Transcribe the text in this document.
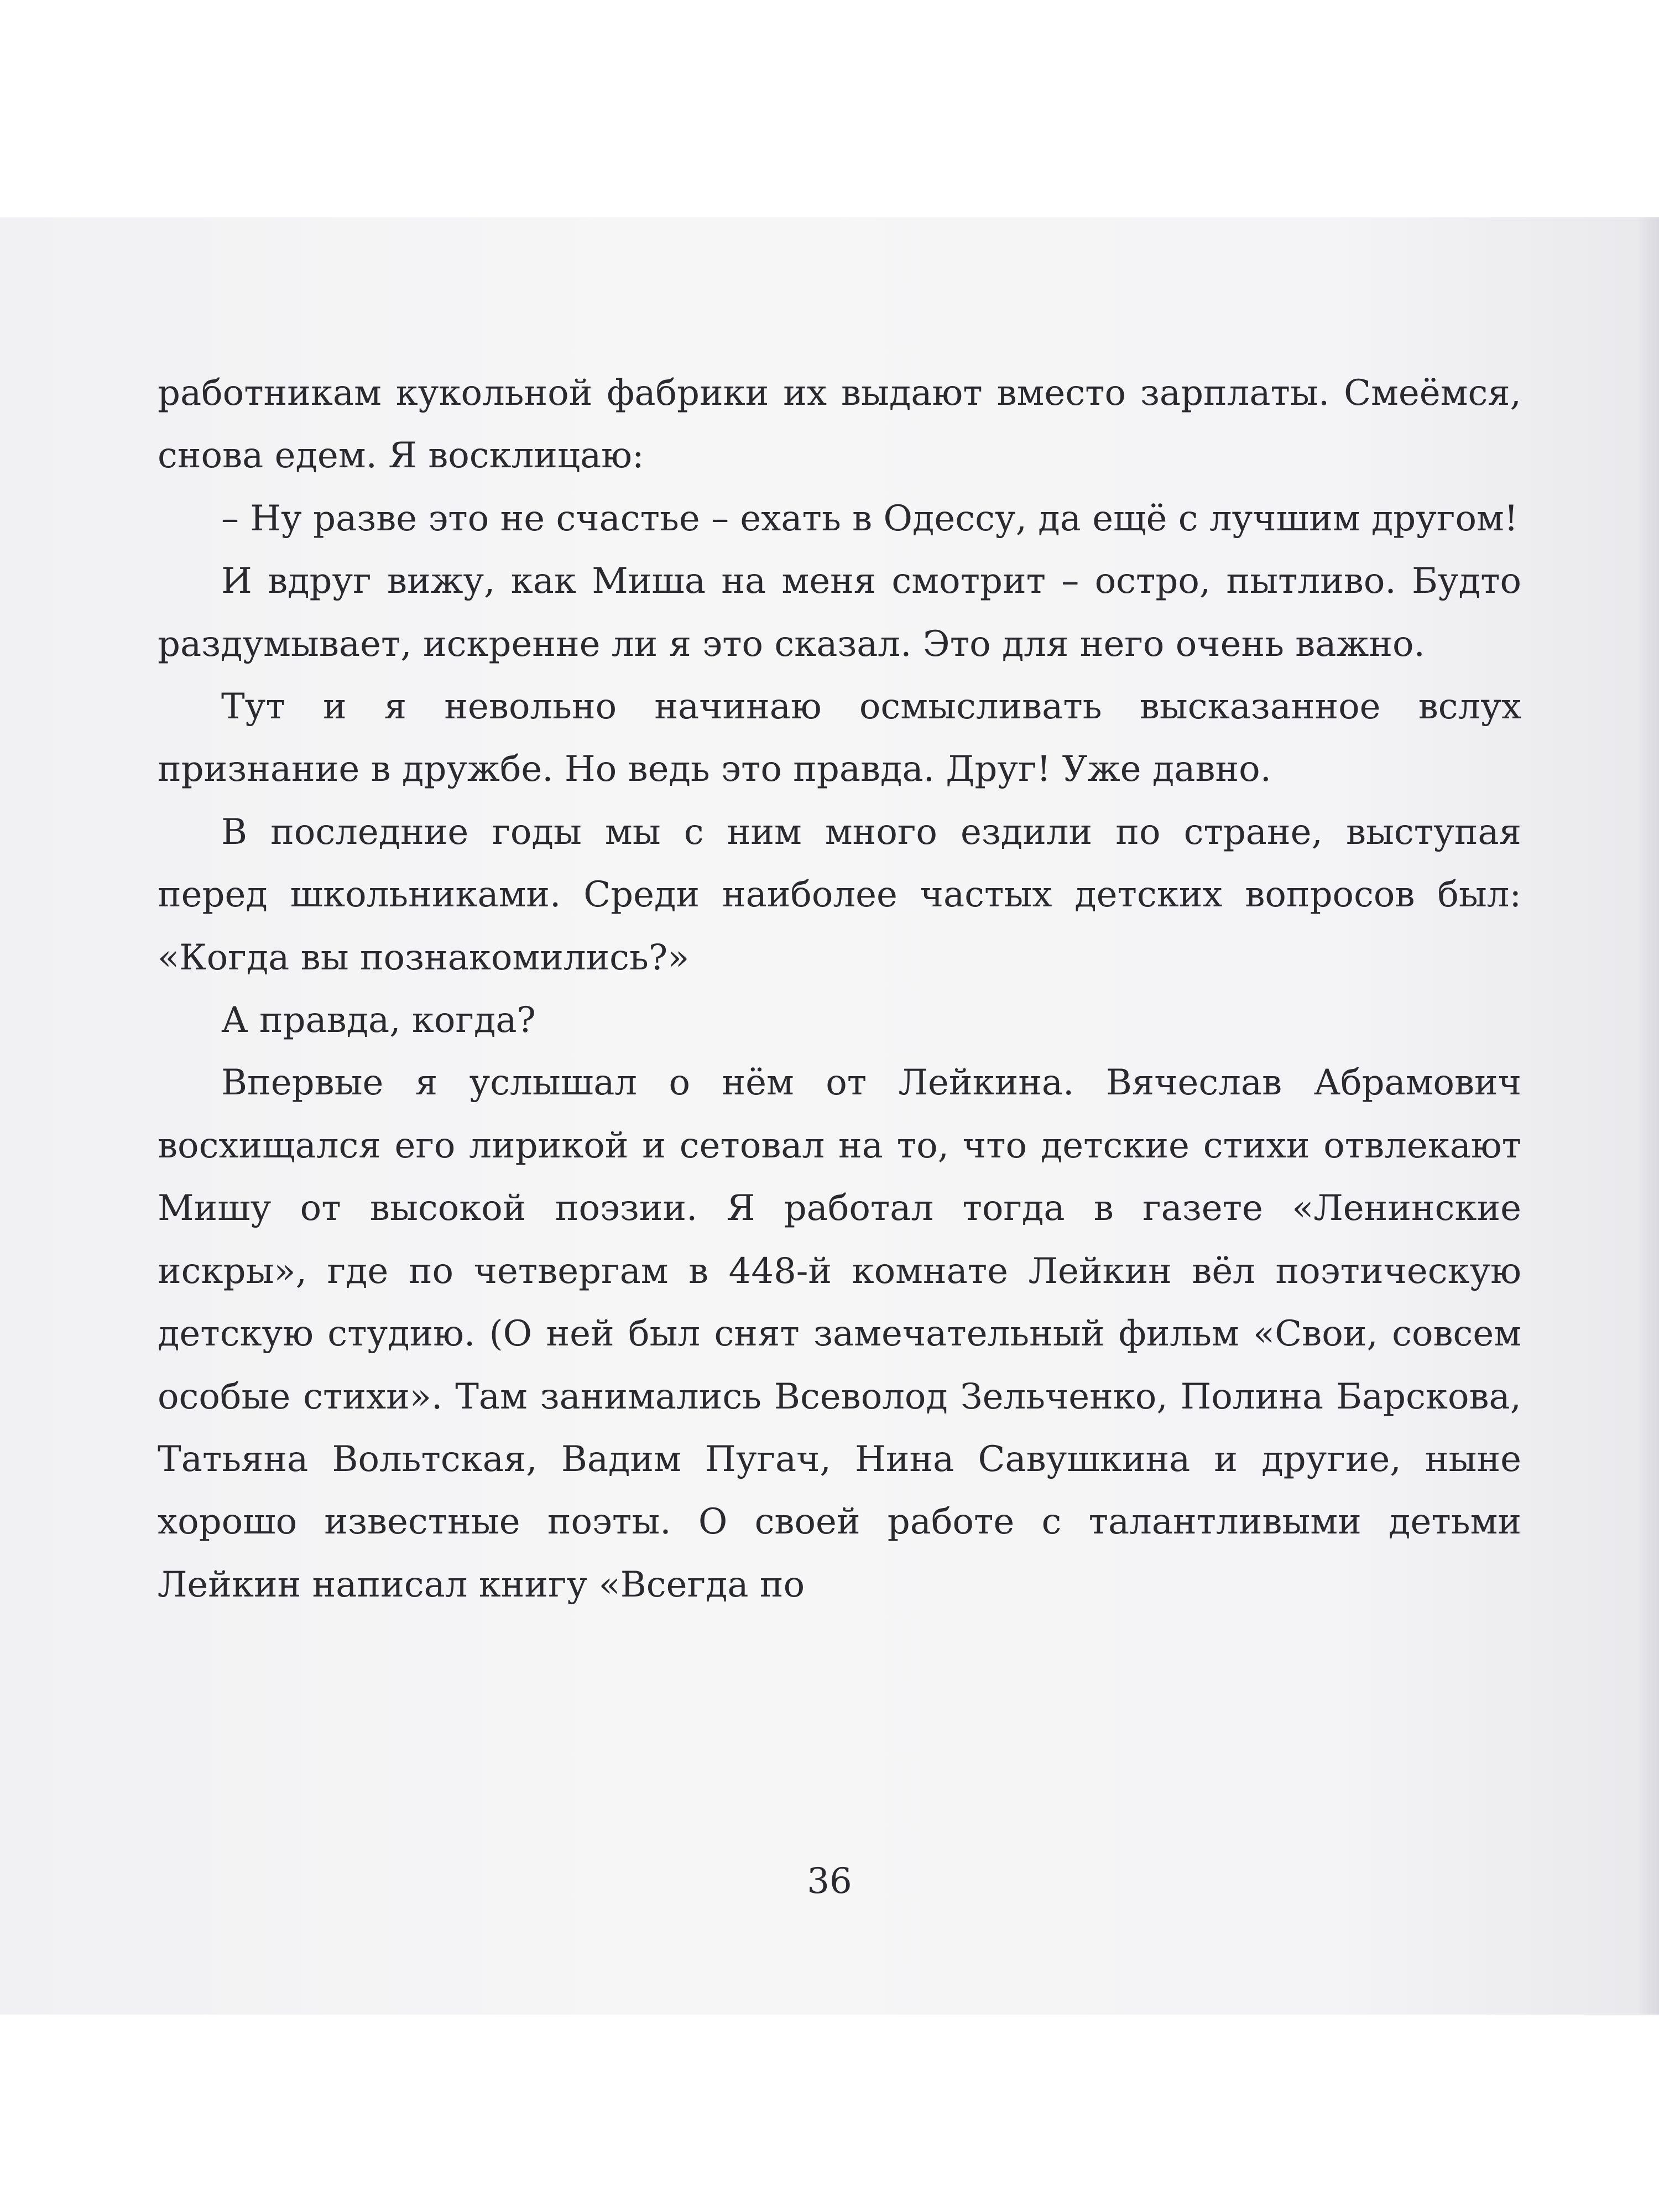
работникам кукольной фабрики их выдают вместо зарплаты. Смеёмся, снова едем. Я восклицаю:

– Ну разве это не счастье – ехать в Одессу, да ещё с лучшим другом!

И вдруг вижу, как Миша на меня смотрит – остро, пытливо. Будто раздумывает, искренне ли я это сказал. Это для него очень важно.

Тут и я невольно начинаю осмысливать высказанное вслух признание в дружбе. Но ведь это правда. Друг! Уже давно.

В последние годы мы с ним много ездили по стране, выступая перед школьниками. Среди наиболее частых детских вопросов был: «Когда вы познакомились?»

А правда, когда?

Впервые я услышал о нём от Лейкина. Вячеслав Абрамович восхищался его лирикой и сетовал на то, что детские стихи отвлекают Мишу от высокой поэзии. Я работал тогда в газете «Ленинские искры», где по четвергам в 448-й комнате Лейкин вёл поэтическую детскую студию. (О ней был снят замечательный фильм «Свои, совсем особые стихи». Там занимались Всеволод Зельченко, Полина Барскова, Татьяна Вольтская, Вадим Пугач, Нина Савушкина и другие, ныне хорошо известные поэты. О своей работе с талантливыми детьми Лейкин написал книгу «Всегда по

36
